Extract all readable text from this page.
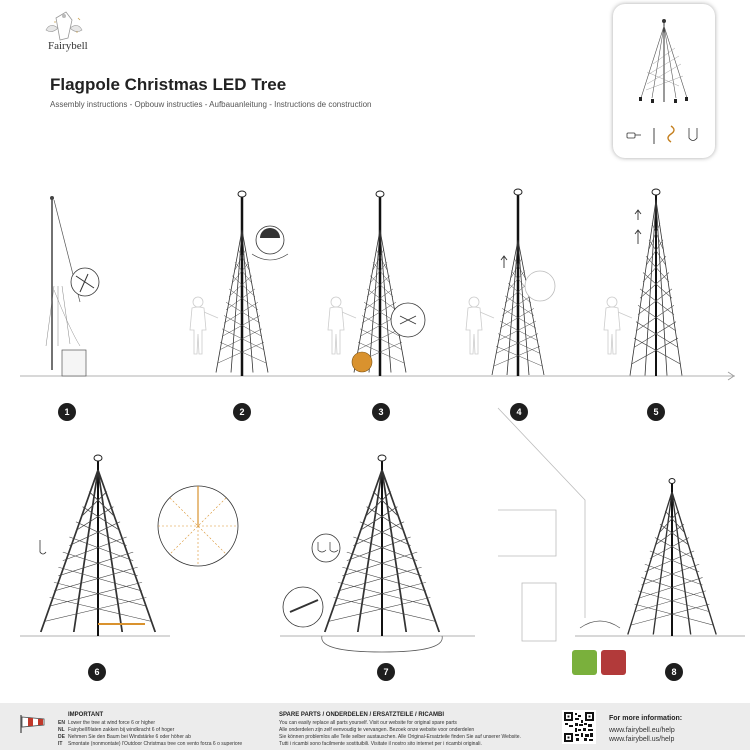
Fairybell
Flagpole Christmas LED Tree
Assembly instructions - Opbouw instructies - Aufbauanleitung - Instructions de construction
1	2	3	4	5
6	7	8
IMPORTANT
EN Lower the tree at wind force 6 or higher
NL Fairybell®laten zakken bij windkracht 6 of hoger
DE Nehmen Sie den Baum bei Windstärke 6 oder höher ab
IT Smontate (nonmontate) l'Outdoor Christmas tree con vento forza 6 o superiore
SPARE PARTS / ONDERDELEN / ERSATZTEILE / RICAMBI
You can easily replace all parts yourself. Visit our website for original spare parts
Alle onderdelen zijn zelf eenvoudig te vervangen. Bezoek onze website voor onderdelen
Sie können problemlos alle Teile selber austauschen. Alle Original-Ersatzteile finden Sie auf unserer Website.
Tutti i ricambi sono facilmente sostituibili. Visitate il nostro sito internet per i ricambi originali.
For more information:
www.fairybell.eu/help
www.fairybell.us/help
